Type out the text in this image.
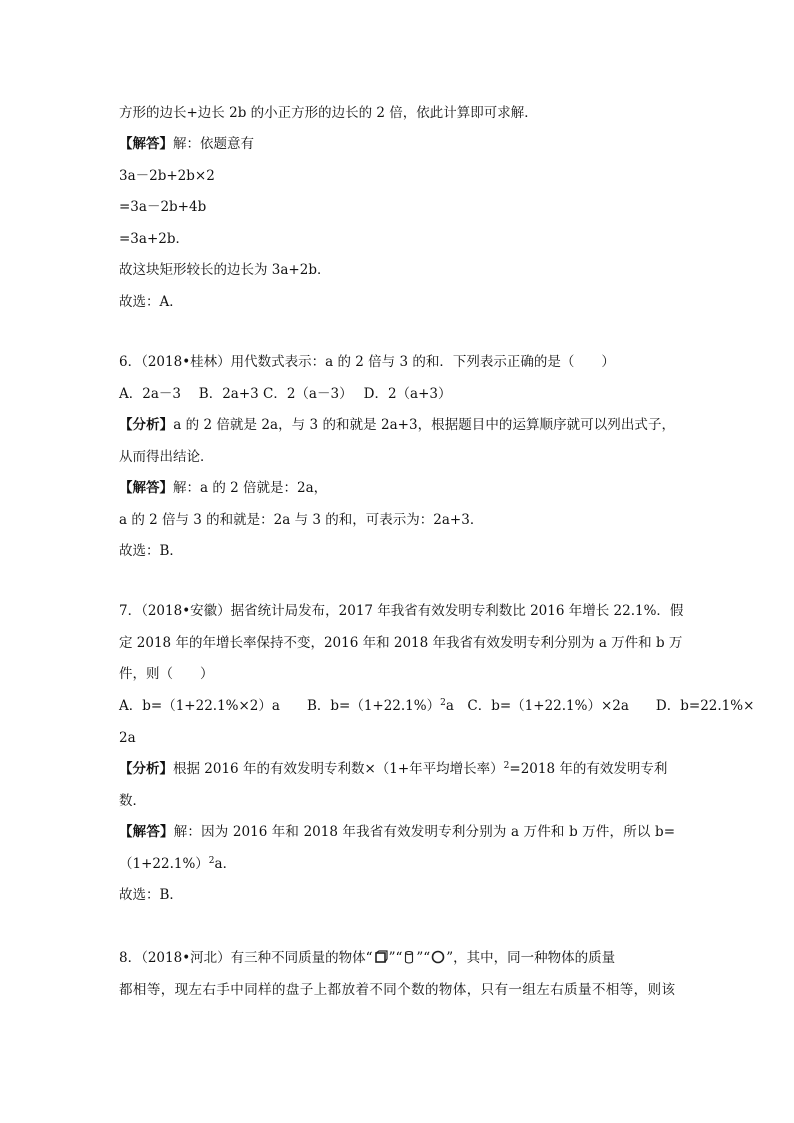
方形的边长+边长 2b 的小正方形的边长的 2 倍，依此计算即可求解．
【解答】解：依题意有
3a－2b+2b×2
=3a－2b+4b
=3a+2b．
故这块矩形较长的边长为 3a+2b．
故选：A．
6．（2018•桂林）用代数式表示：a 的 2 倍与 3 的和．下列表示正确的是（　　）
A．2a－3　 B．2a+3 C．2（a－3）　 D．2（a+3）
【分析】a 的 2 倍就是 2a，与 3 的和就是 2a+3，根据题目中的运算顺序就可以列出式子，
从而得出结论．
【解答】解：a 的 2 倍就是：2a，
a 的 2 倍与 3 的和就是：2a 与 3 的和，可表示为：2a+3．
故选：B．
7．（2018•安徽）据省统计局发布，2017 年我省有效发明专利数比 2016 年增长 22.1%．假
定 2018 年的年增长率保持不变，2016 年和 2018 年我省有效发明专利分别为 a 万件和 b 万
件，则（　　）
A．b=（1+22.1%×2）a　　B．$b=(1+22.1\%)^2a$　C．b=（1+22.1%）×2a　　D．b=22.1%×
2a
【分析】根据 2016 年的有效发明专利数×（1+年平均增长率）$^2$=2018 年的有效发明专利
数．
【解答】解：因为 2016 年和 2018 年我省有效发明专利分别为 a 万件和 b 万件，所以 b=
$(1+22.1\%)^2a$．
故选：B．
8．（2018•河北）有三种不同质量的物体“ ”“ ”“ ”，其中，同一种物体的质量
都相等，现左右手中同样的盘子上都放着不同个数的物体，只有一组左右质量不相等，则该
